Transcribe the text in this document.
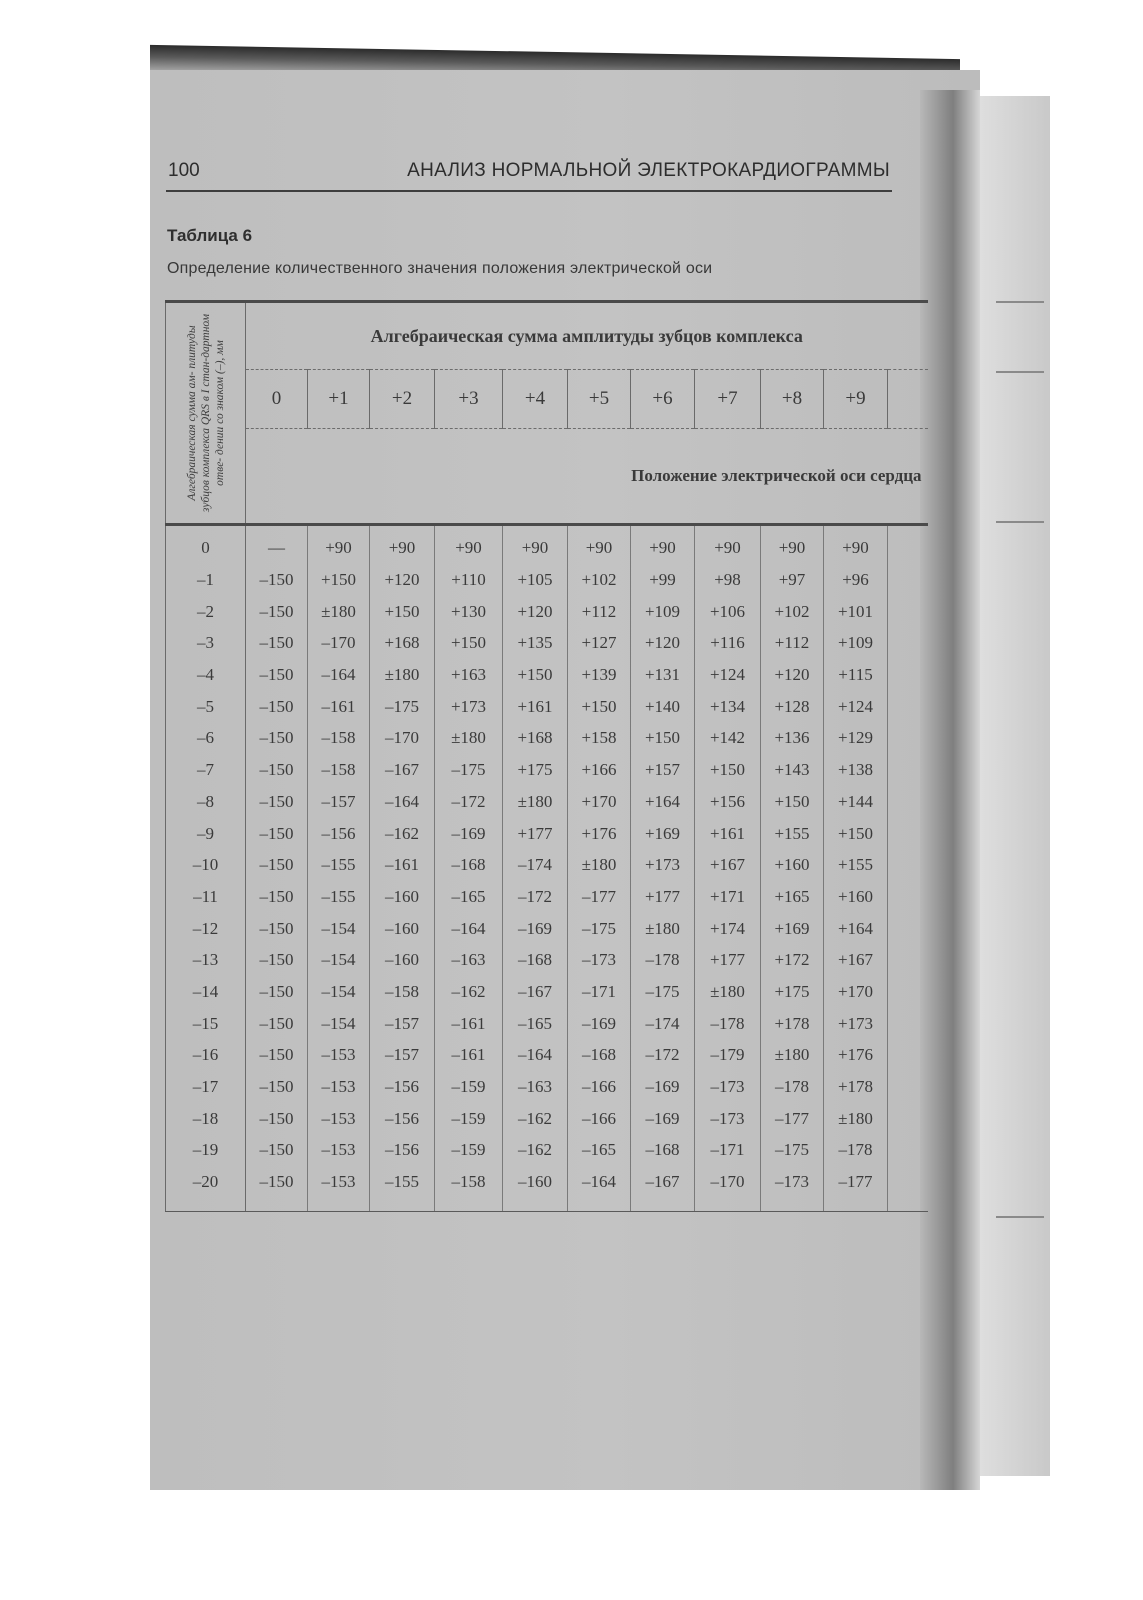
100	АНАЛИЗ НОРМАЛЬНОЙ ЭЛЕКТРОКАРДИОГРАММЫ
Таблица 6
Определение количественного значения положения электрической оси
Алгебраическая сумма ам- плитуды зубцов комплекса QRS в I стан-дартном отве- дении со знаком (–), мм	Алгебраическая сумма амплитуды зубцов комплекса										
	0	+1	+2	+3	+4	+5	+6	+7	+8	+9	
	Положение электрической оси сердца										
0	—	+90	+90	+90	+90	+90	+90	+90	+90	+90	
–1	–150	+150	+120	+110	+105	+102	+99	+98	+97	+96	
–2	–150	±180	+150	+130	+120	+112	+109	+106	+102	+101	
–3	–150	–170	+168	+150	+135	+127	+120	+116	+112	+109	
–4	–150	–164	±180	+163	+150	+139	+131	+124	+120	+115	
–5	–150	–161	–175	+173	+161	+150	+140	+134	+128	+124	
–6	–150	–158	–170	±180	+168	+158	+150	+142	+136	+129	
–7	–150	–158	–167	–175	+175	+166	+157	+150	+143	+138	
–8	–150	–157	–164	–172	±180	+170	+164	+156	+150	+144	
–9	–150	–156	–162	–169	+177	+176	+169	+161	+155	+150	
–10	–150	–155	–161	–168	–174	±180	+173	+167	+160	+155	
–11	–150	–155	–160	–165	–172	–177	+177	+171	+165	+160	
–12	–150	–154	–160	–164	–169	–175	±180	+174	+169	+164	
–13	–150	–154	–160	–163	–168	–173	–178	+177	+172	+167	
–14	–150	–154	–158	–162	–167	–171	–175	±180	+175	+170	
–15	–150	–154	–157	–161	–165	–169	–174	–178	+178	+173	
–16	–150	–153	–157	–161	–164	–168	–172	–179	±180	+176	
–17	–150	–153	–156	–159	–163	–166	–169	–173	–178	+178	
–18	–150	–153	–156	–159	–162	–166	–169	–173	–177	±180	
–19	–150	–153	–156	–159	–162	–165	–168	–171	–175	–178	
–20	–150	–153	–155	–158	–160	–164	–167	–170	–173	–177	
